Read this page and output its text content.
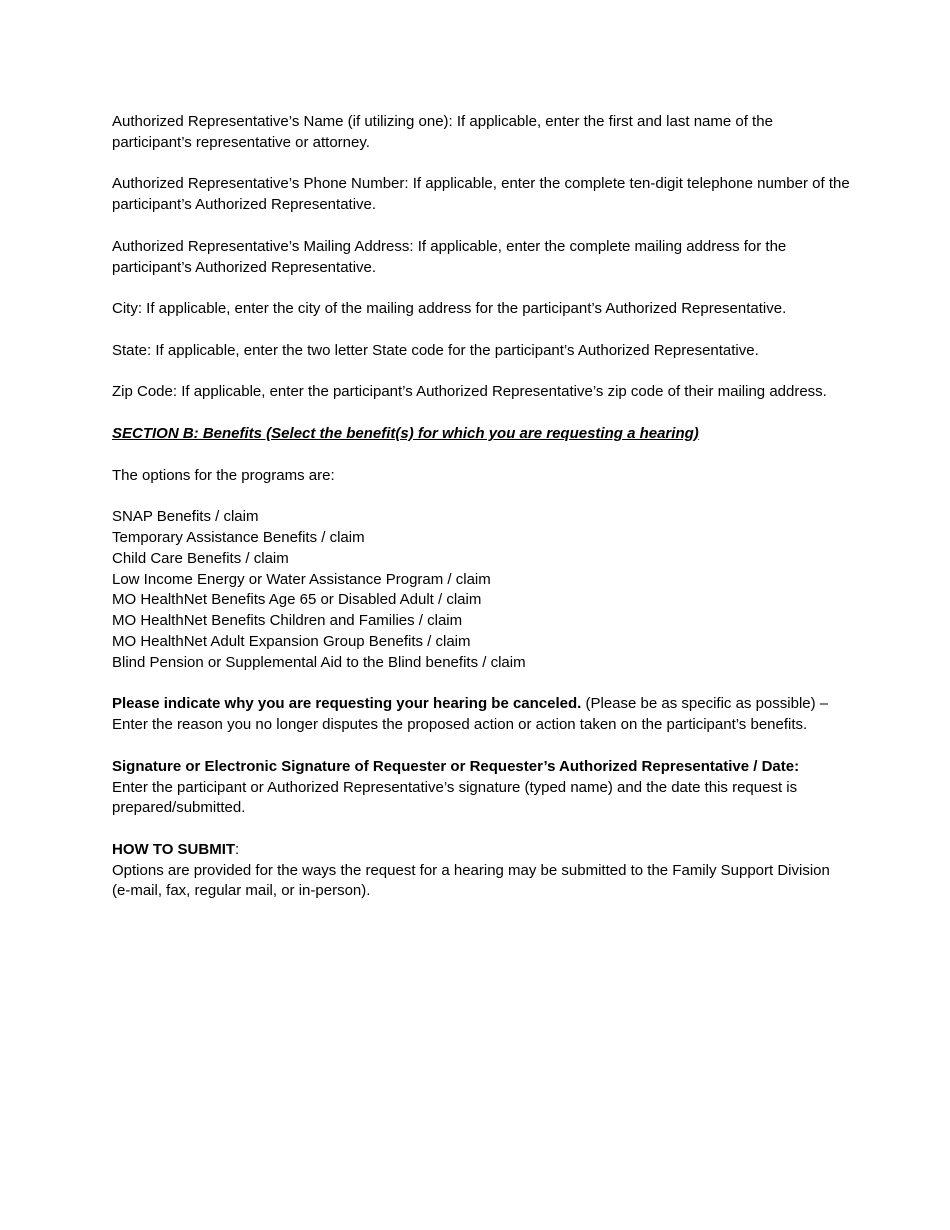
Authorized Representative’s Name (if utilizing one): If applicable, enter the first and last name of the participant’s representative or attorney.

Authorized Representative’s Phone Number: If applicable, enter the complete ten-digit telephone number of the participant’s Authorized Representative.

Authorized Representative’s Mailing Address: If applicable, enter the complete mailing address for the participant’s Authorized Representative.

City: If applicable, enter the city of the mailing address for the participant’s Authorized Representative.

State: If applicable, enter the two letter State code for the participant’s Authorized Representative.

Zip Code: If applicable, enter the participant’s Authorized Representative’s zip code of their mailing address.

SECTION B: Benefits (Select the benefit(s) for which you are requesting a hearing)

The options for the programs are:

SNAP Benefits / claim
Temporary Assistance Benefits / claim
Child Care Benefits / claim
Low Income Energy or Water Assistance Program / claim
MO HealthNet Benefits Age 65 or Disabled Adult / claim
MO HealthNet Benefits Children and Families / claim
MO HealthNet Adult Expansion Group Benefits / claim
Blind Pension or Supplemental Aid to the Blind benefits / claim

Please indicate why you are requesting your hearing be canceled. (Please be as specific as possible) – Enter the reason you no longer disputes the proposed action or action taken on the participant’s benefits.

Signature or Electronic Signature of Requester or Requester’s Authorized Representative / Date:
Enter the participant or Authorized Representative’s signature (typed name) and the date this request is prepared/submitted.

HOW TO SUBMIT:
Options are provided for the ways the request for a hearing may be submitted to the Family Support Division (e-mail, fax, regular mail, or in-person).
